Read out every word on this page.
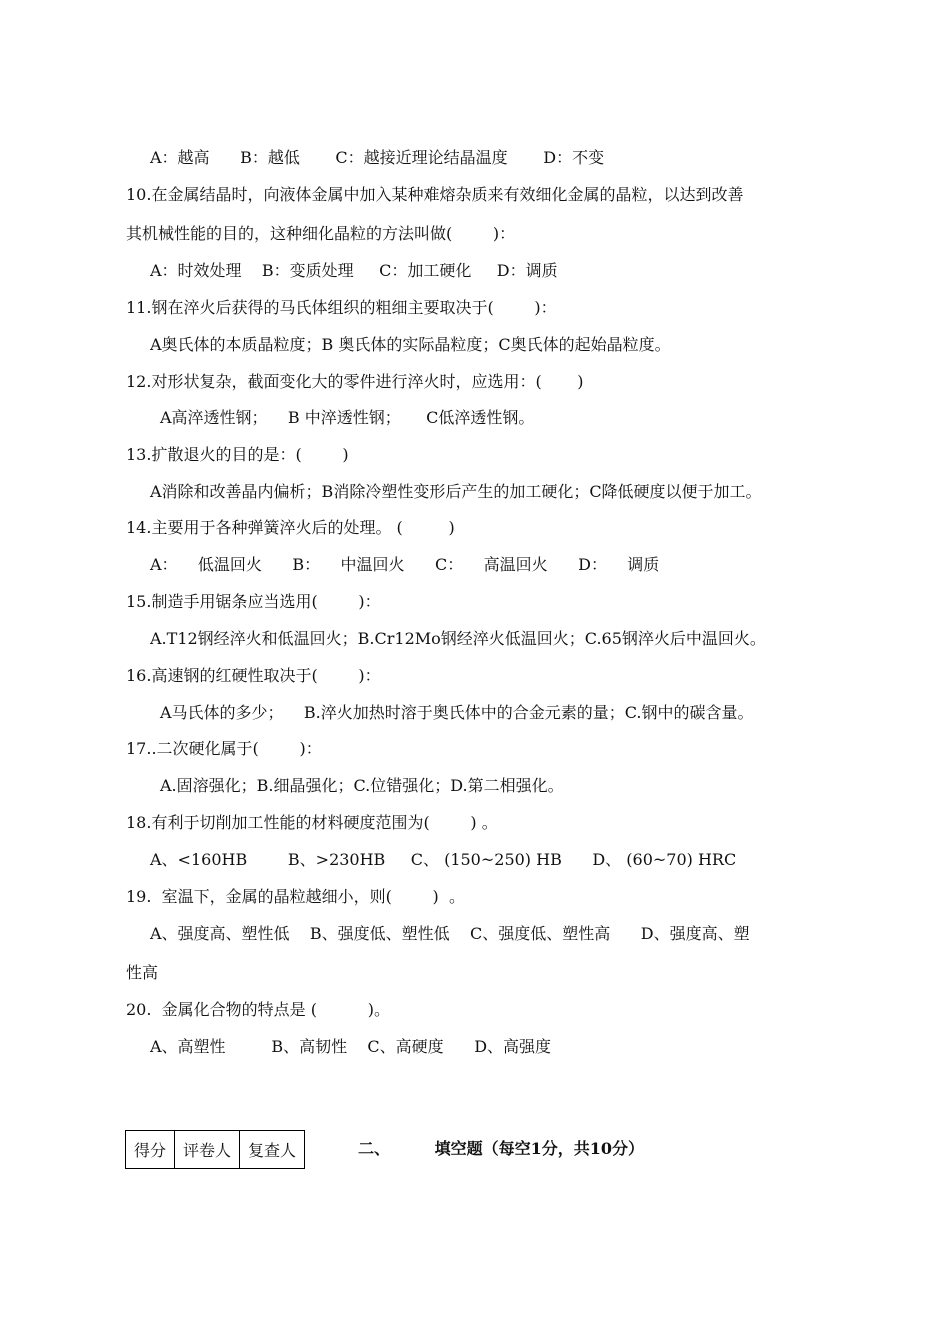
A：越高      B：越低       C：越接近理论结晶温度       D：不变
10.在金属结晶时，向液体金属中加入某种难熔杂质来有效细化金属的晶粒，以达到改善
其机械性能的目的，这种细化晶粒的方法叫做(        )：
A：时效处理    B：变质处理     C：加工硬化     D：调质
11.钢在淬火后获得的马氏体组织的粗细主要取决于(        )：
A奥氏体的本质晶粒度；B 奥氏体的实际晶粒度；C奥氏体的起始晶粒度。
12.对形状复杂，截面变化大的零件进行淬火时，应选用：(       )
A高淬透性钢；    B 中淬透性钢；     C低淬透性钢。
13.扩散退火的目的是：(        )
A消除和改善晶内偏析；B消除冷塑性变形后产生的加工硬化；C降低硬度以便于加工。
14.主要用于各种弹簧淬火后的处理。 (         )
A：    低温回火      B：    中温回火      C：    高温回火      D：    调质
15.制造手用锯条应当选用(        )：
A.T12钢经淬火和低温回火；B.Cr12Mo钢经淬火低温回火；C.65钢淬火后中温回火。
16.高速钢的红硬性取决于(        )：
A马氏体的多少；    B.淬火加热时溶于奥氏体中的合金元素的量；C.钢中的碳含量。
17..二次硬化属于(        )：
A.固溶强化；B.细晶强化；C.位错强化；D.第二相强化。
18.有利于切削加工性能的材料硬度范围为(        ) 。
A、<160HB        B、>230HB     C、 (150~250) HB      D、 (60~70) HRC
19.  室温下，金属的晶粒越细小，则(        )  。
A、强度高、塑性低    B、强度低、塑性低    C、强度低、塑性高      D、强度高、塑
性高
20.  金属化合物的特点是 (          )。
A、高塑性         B、高韧性    C、高硬度      D、高强度
得分	评卷人	复查人	二、        填空题（每空1分，共10分）
